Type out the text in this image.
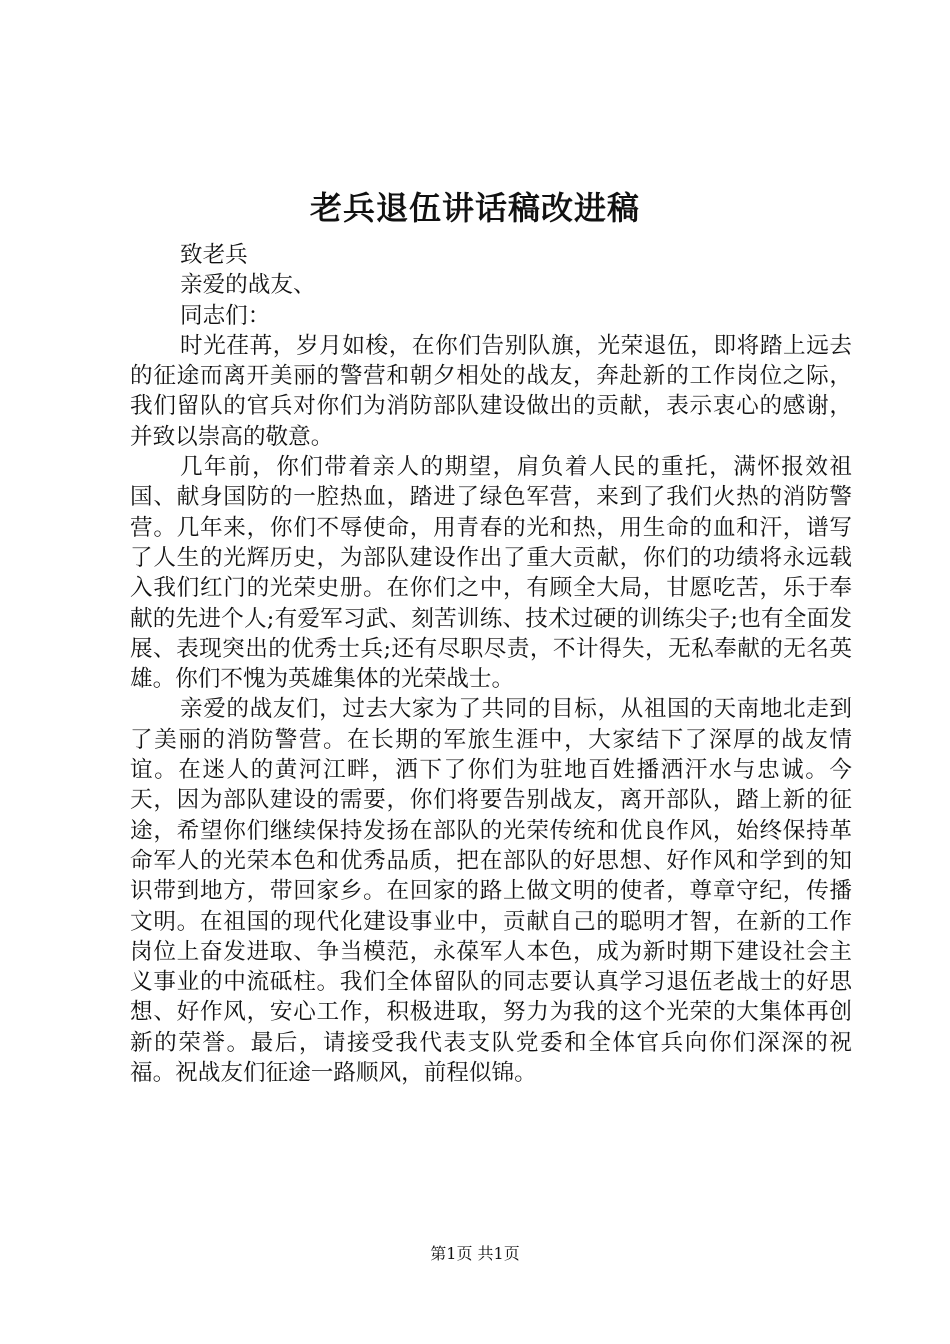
老兵退伍讲话稿改进稿

致老兵

亲爱的战友、

同志们：

时光荏苒，岁月如梭，在你们告别队旗，光荣退伍，即将踏上远去的征途而离开美丽的警营和朝夕相处的战友，奔赴新的工作岗位之际，我们留队的官兵对你们为消防部队建设做出的贡献，表示衷心的感谢，并致以崇高的敬意。

几年前，你们带着亲人的期望，肩负着人民的重托，满怀报效祖国、献身国防的一腔热血，踏进了绿色军营，来到了我们火热的消防警营。几年来，你们不辱使命，用青春的光和热，用生命的血和汗，谱写了人生的光辉历史，为部队建设作出了重大贡献，你们的功绩将永远载入我们红门的光荣史册。在你们之中，有顾全大局，甘愿吃苦，乐于奉献的先进个人;有爱军习武、刻苦训练、技术过硬的训练尖子;也有全面发展、表现突出的优秀士兵;还有尽职尽责，不计得失，无私奉献的无名英雄。你们不愧为英雄集体的光荣战士。

亲爱的战友们，过去大家为了共同的目标，从祖国的天南地北走到了美丽的消防警营。在长期的军旅生涯中，大家结下了深厚的战友情谊。在迷人的黄河江畔，洒下了你们为驻地百姓播洒汗水与忠诚。今天，因为部队建设的需要，你们将要告别战友，离开部队，踏上新的征途，希望你们继续保持发扬在部队的光荣传统和优良作风，始终保持革命军人的光荣本色和优秀品质，把在部队的好思想、好作风和学到的知识带到地方，带回家乡。在回家的路上做文明的使者，尊章守纪，传播文明。在祖国的现代化建设事业中，贡献自己的聪明才智，在新的工作岗位上奋发进取、争当模范，永葆军人本色，成为新时期下建设社会主义事业的中流砥柱。我们全体留队的同志要认真学习退伍老战士的好思想、好作风，安心工作，积极进取，努力为我的这个光荣的大集体再创新的荣誉。最后，请接受我代表支队党委和全体官兵向你们深深的祝福。祝战友们征途一路顺风，前程似锦。

第1页 共1页
